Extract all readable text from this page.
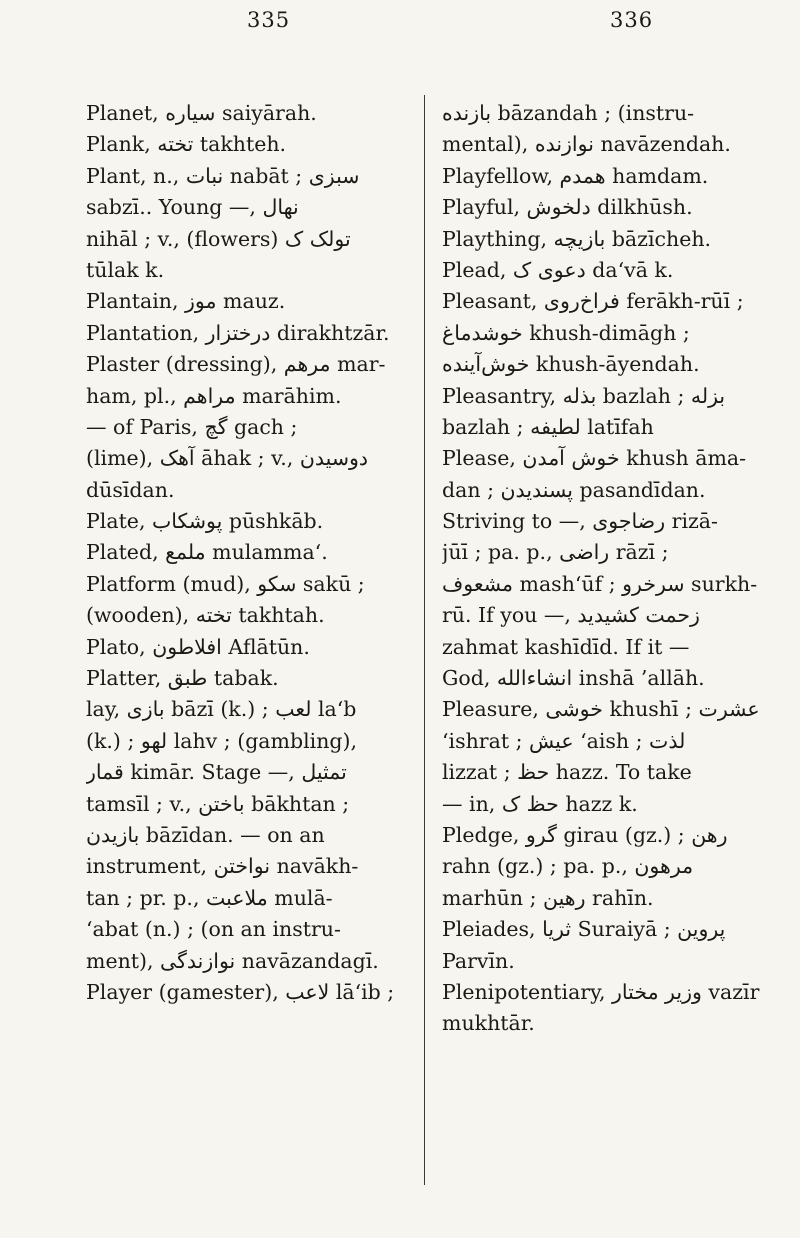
335	336
Planet, سیاره saiyārah.
Plank, تخته takhteh.
Plant, n., نبات nabāt ; سبزی
sabzī.. Young —, نهال
nihāl ; v., (flowers) تولک ک
tūlak k.
Plantain, موز mauz.
Plantation, درختزار dirakhtzār.
Plaster (dressing), مرهم mar-
ham, pl., مراهم marāhim.
— of Paris, گچ gach ;
(lime), آهک āhak ; v., دوسیدن
dūsīdan.
Plate, پوشکاب pūshkāb.
Plated, ملمع mulamma‘.
Platform (mud), سکو sakū ;
(wooden), تخته takhtah.
Plato, افلاطون Aflātūn.
Platter, طبق tabak.
lay, بازی bāzī (k.) ; لعب la‘b
(k.) ; لهو lahv ; (gambling),
قمار kimār. Stage —, تمثیل
tamsīl ; v., باختن bākhtan ;
بازیدن bāzīdan. — on an
instrument, نواختن navākh-
tan ; pr. p., ملاعبت mulā-
‘abat (n.) ; (on an instru-
ment), نوازندگی navāzandagī.
Player (gamester), لاعب lā‘ib ;
بازنده bāzandah ; (instru-
mental), نوازنده navāzendah.
Playfellow, همدم hamdam.
Playful, دلخوش dilkhūsh.
Plaything, بازیچه bāzīcheh.
Plead, دعوی ک da‘vā k.
Pleasant, فراخ‌روی ferākh-rūī ;
خوشدماغ khush-dimāgh ;
خوش‌آینده khush-āyendah.
Pleasantry, بذله bazlah ; بزله
bazlah ; لطیفه latīfah
Please, خوش آمدن khush āma-
dan ; پسندیدن pasandīdan.
Striving to —, رضاجوی rizā-
jūī ; pa. p., راضی rāzī ;
مشعوف mash‘ūf ; سرخرو surkh-
rū. If you —, زحمت کشیدید
zahmat kashīdīd. If it —
God, انشاءالله inshā ’allāh.
Pleasure, خوشی khushī ; عشرت
‘ishrat ; عیش ‘aish ; لذت
lizzat ; حظ hazz. To take
— in, حظ ک hazz k.
Pledge, گرو girau (gz.) ; رهن
rahn (gz.) ; pa. p., مرهون
marhūn ; رهین rahīn.
Pleiades, ثریا Suraiyā ; پروین
Parvīn.
Plenipotentiary, وزیر مختار vazīr
mukhtār.
